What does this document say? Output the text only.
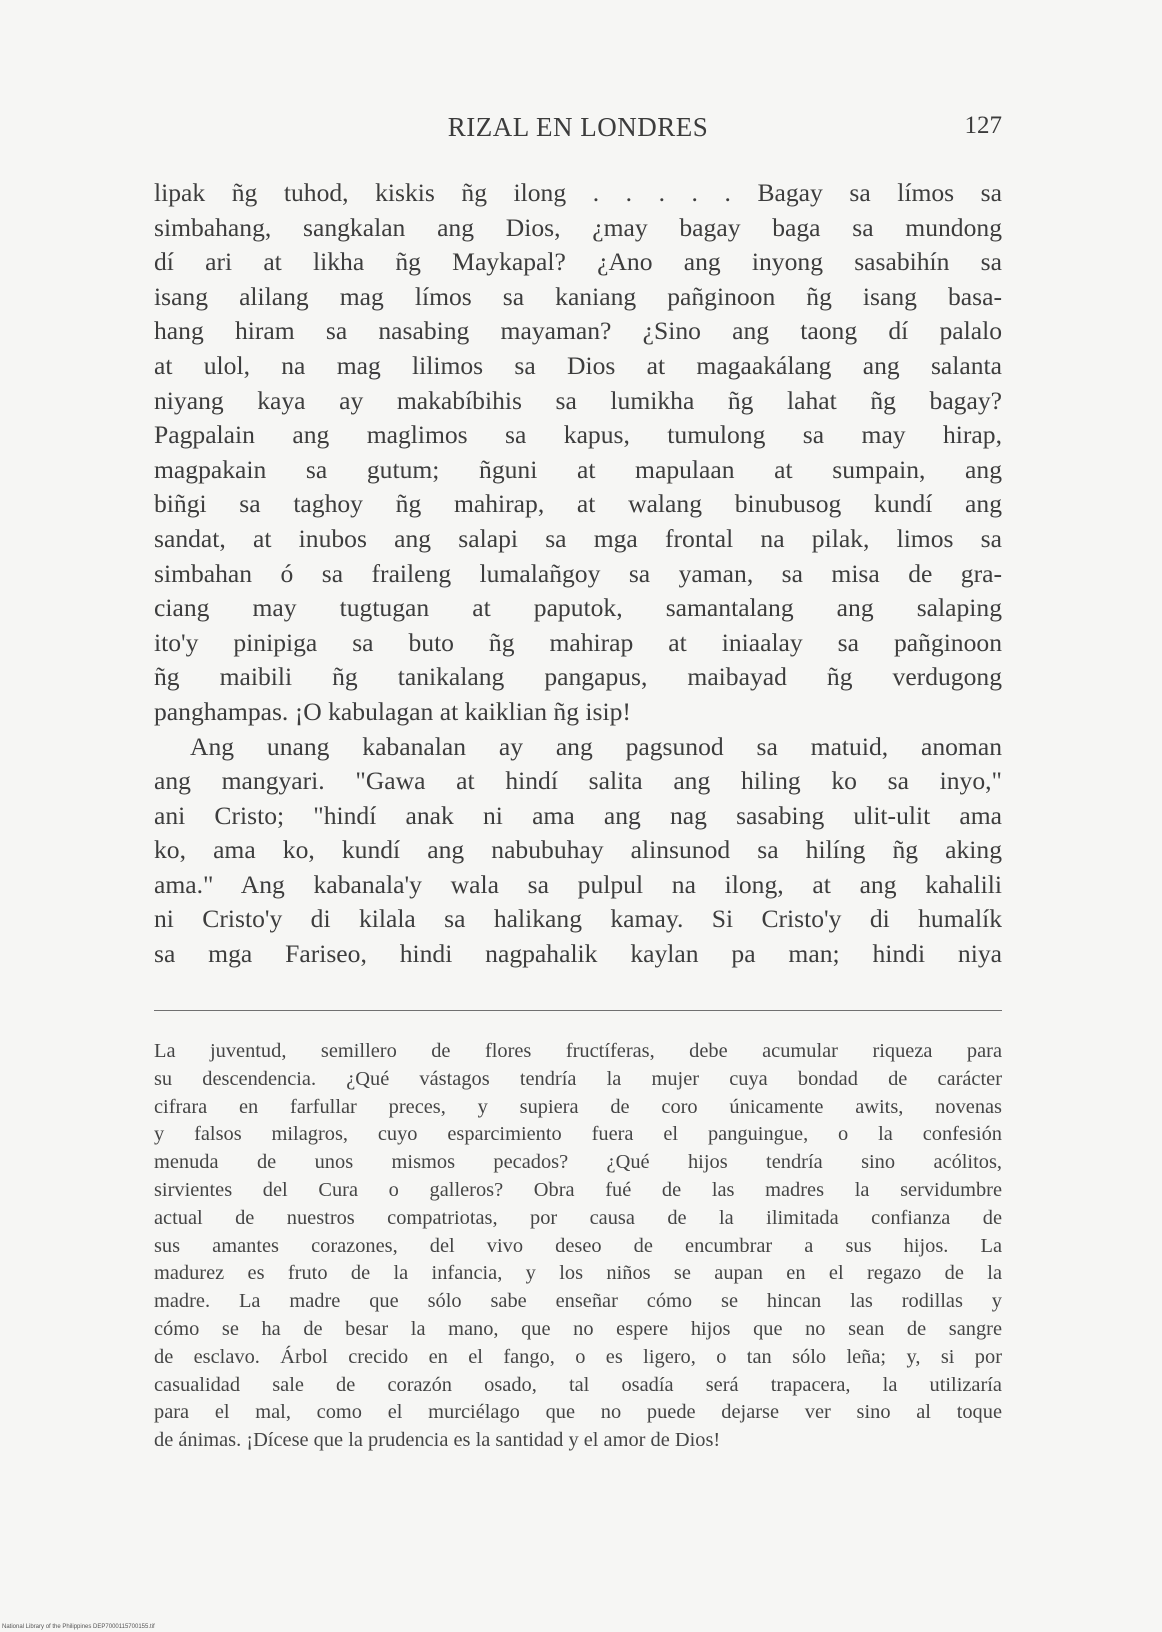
RIZAL EN LONDRES	127
lipak ñg tuhod, kiskis ñg ilong . . . . . Bagay sa límos sa
simbahang, sangkalan ang Dios, ¿may bagay baga sa mundong
dí ari at likha ñg Maykapal? ¿Ano ang inyong sasabihín sa
isang alilang mag límos sa kaniang pañginoon ñg isang basa-
hang hiram sa nasabing mayaman? ¿Sino ang taong dí palalo
at ulol, na mag lilimos sa Dios at magaakálang ang salanta
niyang kaya ay makabíbihis sa lumikha ñg lahat ñg bagay?
Pagpalain ang maglimos sa kapus, tumulong sa may hirap,
magpakain sa gutum; ñguni at mapulaan at sumpain, ang
biñgi sa taghoy ñg mahirap, at walang binubusog kundí ang
sandat, at inubos ang salapi sa mga frontal na pilak, limos sa
simbahan ó sa fraileng lumalañgoy sa yaman, sa misa de gra-
ciang may tugtugan at paputok, samantalang ang salaping
ito'y pinipiga sa buto ñg mahirap at iniaalay sa pañginoon
ñg maibili ñg tanikalang pangapus, maibayad ñg verdugong
panghampas. ¡O kabulagan at kaiklian ñg isip!
Ang unang kabanalan ay ang pagsunod sa matuid, anoman
ang mangyari. "Gawa at hindí salita ang hiling ko sa inyo,"
ani Cristo; "hindí anak ni ama ang nag sasabing ulit-ulit ama
ko, ama ko, kundí ang nabubuhay alinsunod sa hilíng ñg aking
ama." Ang kabanala'y wala sa pulpul na ilong, at ang kahalili
ni Cristo'y di kilala sa halikang kamay. Si Cristo'y di humalík
sa mga Fariseo, hindi nagpahalik kaylan pa man; hindi niya
La juventud, semillero de flores fructíferas, debe acumular riqueza para
su descendencia. ¿Qué vástagos tendría la mujer cuya bondad de carácter
cifrara en farfullar preces, y supiera de coro únicamente awits, novenas
y falsos milagros, cuyo esparcimiento fuera el panguingue, o la confesión
menuda de unos mismos pecados? ¿Qué hijos tendría sino acólitos,
sirvientes del Cura o galleros? Obra fué de las madres la servidumbre
actual de nuestros compatriotas, por causa de la ilimitada confianza de
sus amantes corazones, del vivo deseo de encumbrar a sus hijos. La
madurez es fruto de la infancia, y los niños se aupan en el regazo de la
madre. La madre que sólo sabe enseñar cómo se hincan las rodillas y
cómo se ha de besar la mano, que no espere hijos que no sean de sangre
de esclavo. Árbol crecido en el fango, o es ligero, o tan sólo leña; y, si por
casualidad sale de corazón osado, tal osadía será trapacera, la utilizaría
para el mal, como el murciélago que no puede dejarse ver sino al toque
de ánimas. ¡Dícese que la prudencia es la santidad y el amor de Dios!
National Library of the Philippines DEP7000115700155.tif
